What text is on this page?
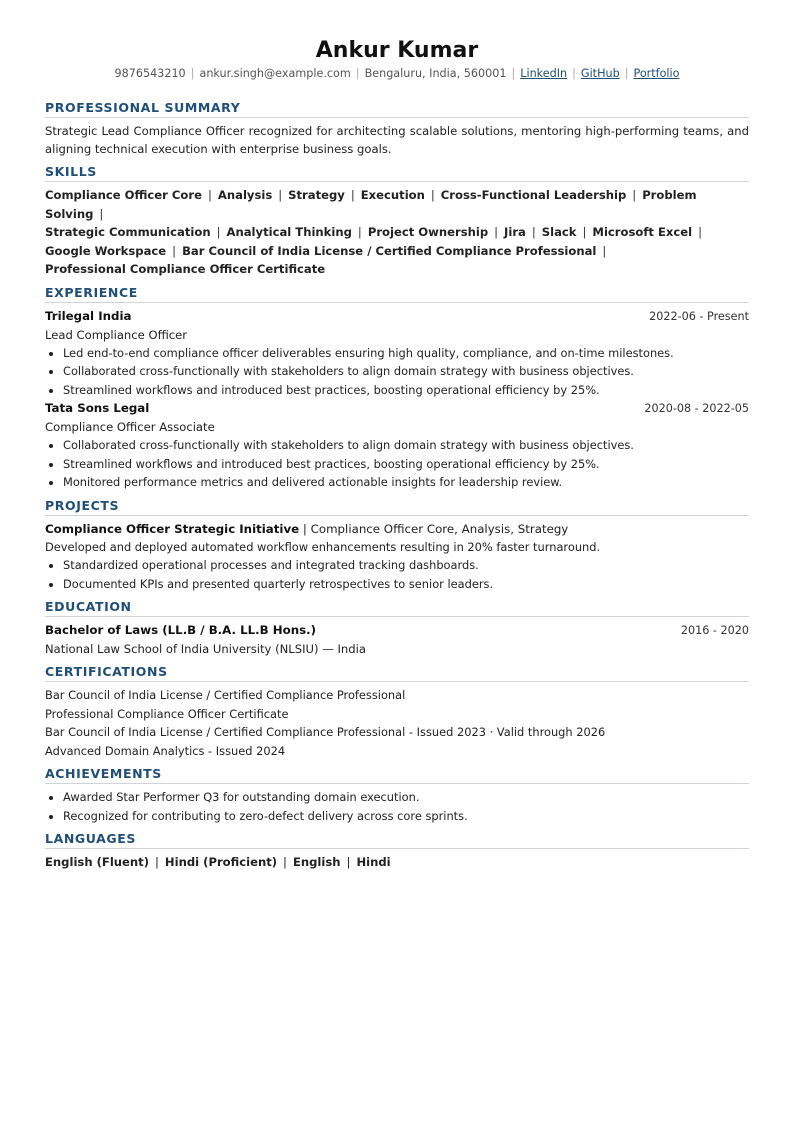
Ankur Kumar
9876543210 | ankur.singh@example.com | Bengaluru, India, 560001 | LinkedIn | GitHub | Portfolio
PROFESSIONAL SUMMARY

Strategic Lead Compliance Officer recognized for architecting scalable solutions, mentoring high-performing teams, and aligning technical execution with enterprise business goals.

SKILLS
Compliance Officer Core | Analysis | Strategy | Execution | Cross-Functional Leadership | Problem Solving |
Strategic Communication | Analytical Thinking | Project Ownership | Jira | Slack | Microsoft Excel |
Google Workspace | Bar Council of India License / Certified Compliance Professional |
Professional Compliance Officer Certificate
EXPERIENCE
Trilegal India	2022-06 - Present
Lead Compliance Officer
• Led end-to-end compliance officer deliverables ensuring high quality, compliance, and on-time milestones.
• Collaborated cross-functionally with stakeholders to align domain strategy with business objectives.
• Streamlined workflows and introduced best practices, boosting operational efficiency by 25%.
Tata Sons Legal	2020-08 - 2022-05
Compliance Officer Associate
• Collaborated cross-functionally with stakeholders to align domain strategy with business objectives.
• Streamlined workflows and introduced best practices, boosting operational efficiency by 25%.
• Monitored performance metrics and delivered actionable insights for leadership review.
PROJECTS
Compliance Officer Strategic Initiative | Compliance Officer Core, Analysis, Strategy
Developed and deployed automated workflow enhancements resulting in 20% faster turnaround.
• Standardized operational processes and integrated tracking dashboards.
• Documented KPIs and presented quarterly retrospectives to senior leaders.
EDUCATION
Bachelor of Laws (LL.B / B.A. LL.B Hons.)	2016 - 2020
National Law School of India University (NLSIU) — India
CERTIFICATIONS
Bar Council of India License / Certified Compliance Professional
Professional Compliance Officer Certificate
Bar Council of India License / Certified Compliance Professional - Issued 2023 · Valid through 2026
Advanced Domain Analytics - Issued 2024
ACHIEVEMENTS
• Awarded Star Performer Q3 for outstanding domain execution.
• Recognized for contributing to zero-defect delivery across core sprints.
LANGUAGES
English (Fluent) | Hindi (Proficient) | English | Hindi
